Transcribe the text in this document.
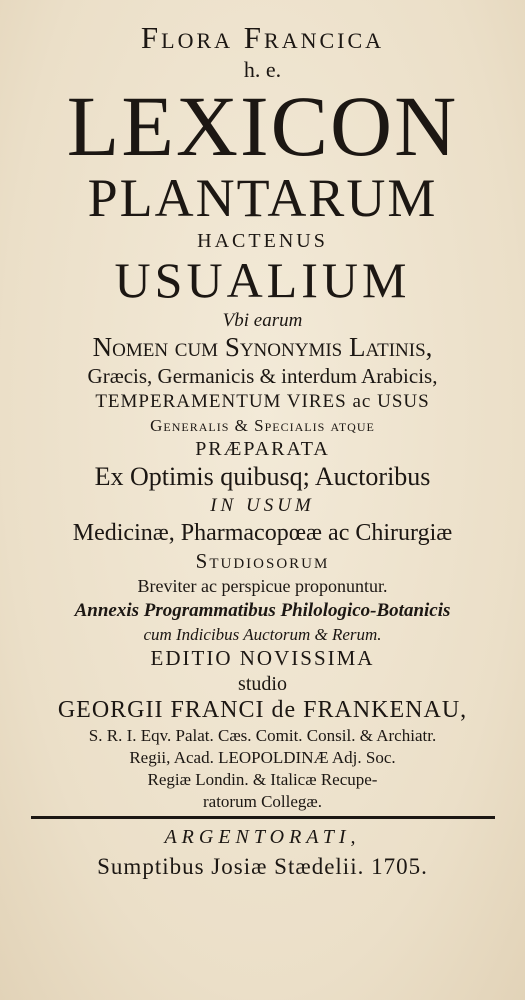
Flora Francica
h. e.
LEXICON
PLANTARUM
HACTENUS
USUALIUM
Vbi earum
Nomen cum Synonymis Latinis,
Græcis, Germanicis & interdum Arabicis,
TEMPERAMENTUM VIRES ac USUS
Generalis & Specialis atque
PRÆPARATA
Ex Optimis quibusq; Auctoribus
IN USUM
Medicinæ, Pharmacopœæ ac Chirurgiæ
Studiosorum
Breviter ac perspicue proponuntur.
Annexis Programmatibus Philologico-Botanicis
cum Indicibus Auctorum & Rerum.
EDITIO NOVISSIMA
studio
GEORGII FRANCI de FRANKENAU,
S. R. I. Eqv. Palat. Cæs. Comit. Consil. & Archiatr.
Regii, Acad. LEOPOLDINÆ Adj. Soc.
Regiæ Londin. & Italicæ Recupe-
ratorum Collegæ.
ARGENTORATI,
Sumptibus Josiæ Stædelii. 1705.
